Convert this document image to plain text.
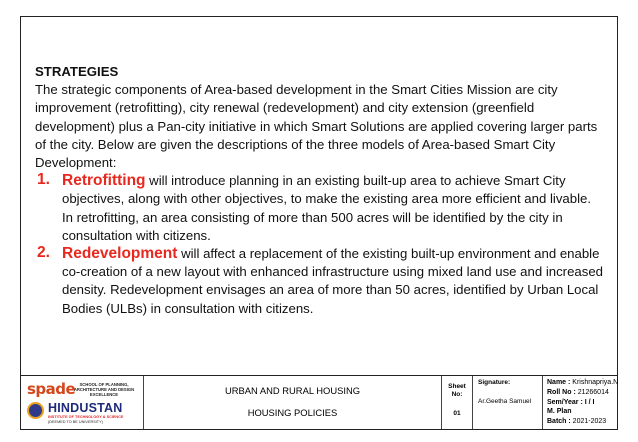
STRATEGIES

The strategic components of Area-based development in the Smart Cities Mission are city improvement (retrofitting), city renewal (redevelopment) and city extension (greenfield development) plus a Pan-city initiative in which Smart Solutions are applied covering larger parts of the city. Below are given the descriptions of the three models of Area-based Smart City Development:

1. Retrofitting will introduce planning in an existing built-up area to achieve Smart City objectives, along with other objectives, to make the existing area more efficient and livable. In retrofitting, an area consisting of more than 500 acres will be identified by the city in consultation with citizens.
2. Redevelopment will affect a replacement of the existing built-up environment and enable co-creation of a new layout with enhanced infrastructure using mixed land use and increased density. Redevelopment envisages an area of more than 50 acres, identified by Urban Local Bodies (ULBs) in consultation with citizens.
spade	SCHOOL OF PLANNING, ARCHITECTURE AND DESIGN EXCELLENCE
HINDUSTAN
INSTITUTE OF TECHNOLOGY & SCIENCE
(DEEMED TO BE UNIVERSITY)
URBAN AND RURAL HOUSING
HOUSING POLICIES
Sheet No:
01
Signature:
Ar.Geetha Samuel
Name : Krishnapriya.N
Roll No : 21266014
Sem/Year : I / I
M. Plan
Batch : 2021-2023
